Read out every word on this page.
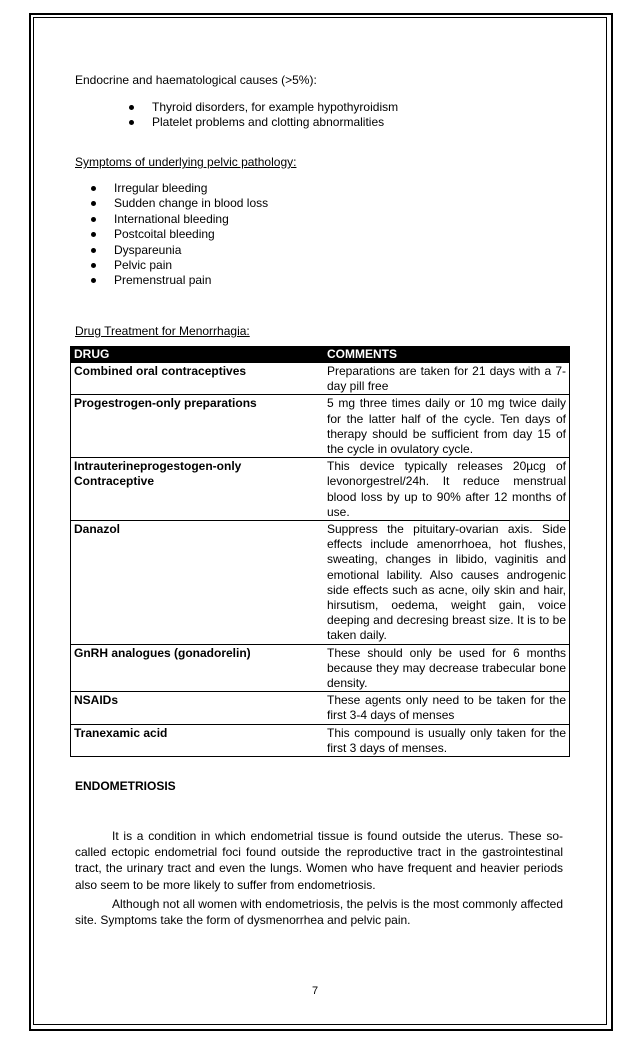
Endocrine and haematological causes (>5%):
Thyroid disorders, for example hypothyroidism
Platelet problems and clotting abnormalities
Symptoms of underlying pelvic pathology:
Irregular bleeding
Sudden change in blood loss
International bleeding
Postcoital bleeding
Dyspareunia
Pelvic pain
Premenstrual pain
Drug Treatment for Menorrhagia:
DRUG	COMMENTS
Combined oral contraceptives	Preparations are taken for 21 days with a 7-day pill free
Progestrogen-only preparations	5 mg three times daily or 10 mg twice daily for the latter half of the cycle. Ten days of therapy should be sufficient from day 15 of the cycle in ovulatory cycle.
Intrauterineprogestogen-only Contraceptive	This device typically releases 20µcg of levonorgestrel/24h. It reduce menstrual blood loss by up to 90% after 12 months of use.
Danazol	Suppress the pituitary-ovarian axis. Side effects include amenorrhoea, hot flushes, sweating, changes in libido, vaginitis and emotional lability. Also causes androgenic side effects such as acne, oily skin and hair, hirsutism, oedema, weight gain, voice deeping and decresing breast size. It is to be taken daily.
GnRH analogues (gonadorelin)	These should only be used for 6 months because they may decrease trabecular bone density.
NSAIDs	These agents only need to be taken for the first 3-4 days of menses
Tranexamic acid	This compound is usually only taken for the first 3 days of menses.
ENDOMETRIOSIS
It is a condition in which endometrial tissue is found outside the uterus. These so-called ectopic endometrial foci found outside the reproductive tract in the gastrointestinal tract, the urinary tract and even the lungs. Women who have frequent and heavier periods also seem to be more likely to suffer from endometriosis.
Although not all women with endometriosis, the pelvis is the most commonly affected site. Symptoms take the form of dysmenorrhea and pelvic pain.
7
